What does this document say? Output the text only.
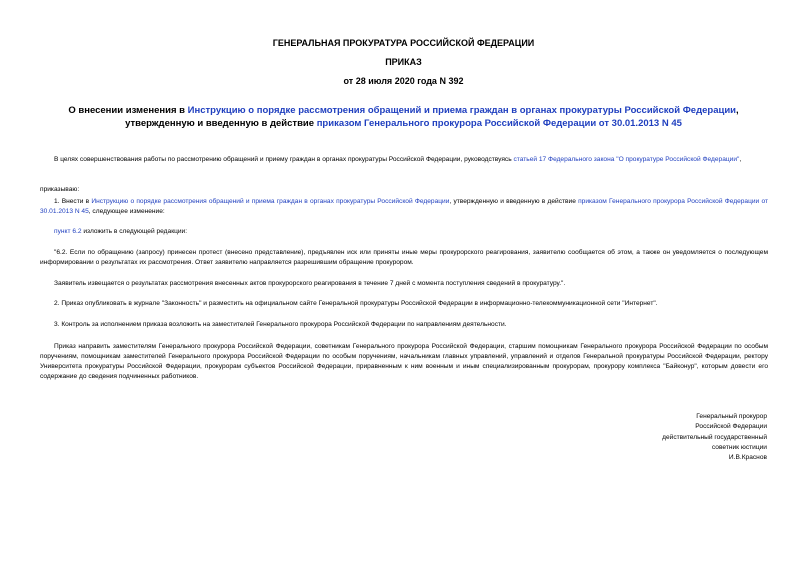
ГЕНЕРАЛЬНАЯ ПРОКУРАТУРА РОССИЙСКОЙ ФЕДЕРАЦИИ
ПРИКАЗ
от 28 июля 2020 года N 392
О внесении изменения в Инструкцию о порядке рассмотрения обращений и приема граждан в органах прокуратуры Российской Федерации, утвержденную и введенную в действие приказом Генерального прокурора Российской Федерации от 30.01.2013 N 45
В целях совершенствования работы по рассмотрению обращений и приему граждан в органах прокуратуры Российской Федерации, руководствуясь статьей 17 Федерального закона "О прокуратуре Российской Федерации",
приказываю:
1. Внести в Инструкцию о порядке рассмотрения обращений и приема граждан в органах прокуратуры Российской Федерации, утвержденную и введенную в действие приказом Генерального прокурора Российской Федерации от 30.01.2013 N 45, следующее изменение:
пункт 6.2 изложить в следующей редакции:
"6.2. Если по обращению (запросу) принесен протест (внесено представление), предъявлен иск или приняты иные меры прокурорского реагирования, заявителю сообщается об этом, а также он уведомляется о последующем информировании о результатах их рассмотрения. Ответ заявителю направляется разрешившим обращение прокурором.
Заявитель извещается о результатах рассмотрения внесенных актов прокурорского реагирования в течение 7 дней с момента поступления сведений в прокуратуру.".
2. Приказ опубликовать в журнале "Законность" и разместить на официальном сайте Генеральной прокуратуры Российской Федерации в информационно-телекоммуникационной сети "Интернет".
3. Контроль за исполнением приказа возложить на заместителей Генерального прокурора Российской Федерации по направлениям деятельности.
Приказ направить заместителям Генерального прокурора Российской Федерации, советникам Генерального прокурора Российской Федерации, старшим помощникам Генерального прокурора Российской Федерации по особым поручениям, помощникам заместителей Генерального прокурора Российской Федерации по особым поручениям, начальникам главных управлений, управлений и отделов Генеральной прокуратуры Российской Федерации, ректору Университета прокуратуры Российской Федерации, прокурорам субъектов Российской Федерации, приравненным к ним военным и иным специализированным прокурорам, прокурору комплекса "Байконур", которым довести его содержание до сведения подчиненных работников.
Генеральный прокурор
Российской Федерации
действительный государственный
советник юстиции
И.В.Краснов
